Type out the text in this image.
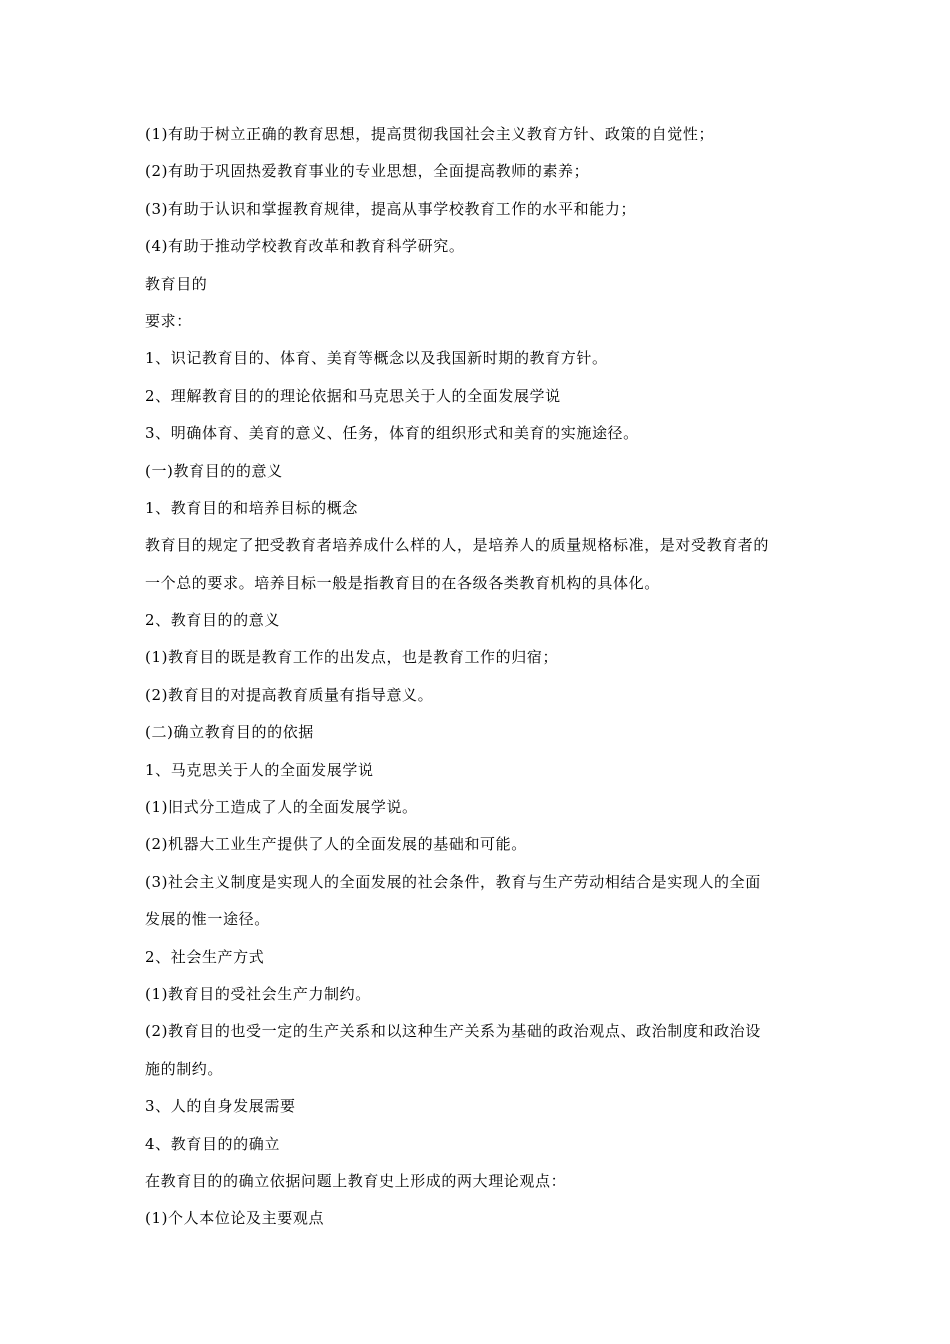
(1)有助于树立正确的教育思想，提高贯彻我国社会主义教育方针、政策的自觉性；
(2)有助于巩固热爱教育事业的专业思想，全面提高教师的素养；
(3)有助于认识和掌握教育规律，提高从事学校教育工作的水平和能力；
(4)有助于推动学校教育改革和教育科学研究。
教育目的
要求：
1、识记教育目的、体育、美育等概念以及我国新时期的教育方针。
2、理解教育目的的理论依据和马克思关于人的全面发展学说
3、明确体育、美育的意义、任务，体育的组织形式和美育的实施途径。
(一)教育目的的意义
1、教育目的和培养目标的概念
教育目的规定了把受教育者培养成什么样的人，是培养人的质量规格标准，是对受教育者的
一个总的要求。培养目标一般是指教育目的在各级各类教育机构的具体化。
2、教育目的的意义
(1)教育目的既是教育工作的出发点，也是教育工作的归宿；
(2)教育目的对提高教育质量有指导意义。
(二)确立教育目的的依据
1、马克思关于人的全面发展学说
(1)旧式分工造成了人的全面发展学说。
(2)机器大工业生产提供了人的全面发展的基础和可能。
(3)社会主义制度是实现人的全面发展的社会条件，教育与生产劳动相结合是实现人的全面
发展的惟一途径。
2、社会生产方式
(1)教育目的受社会生产力制约。
(2)教育目的也受一定的生产关系和以这种生产关系为基础的政治观点、政治制度和政治设
施的制约。
3、人的自身发展需要
4、教育目的的确立
在教育目的的确立依据问题上教育史上形成的两大理论观点：
(1)个人本位论及主要观点
